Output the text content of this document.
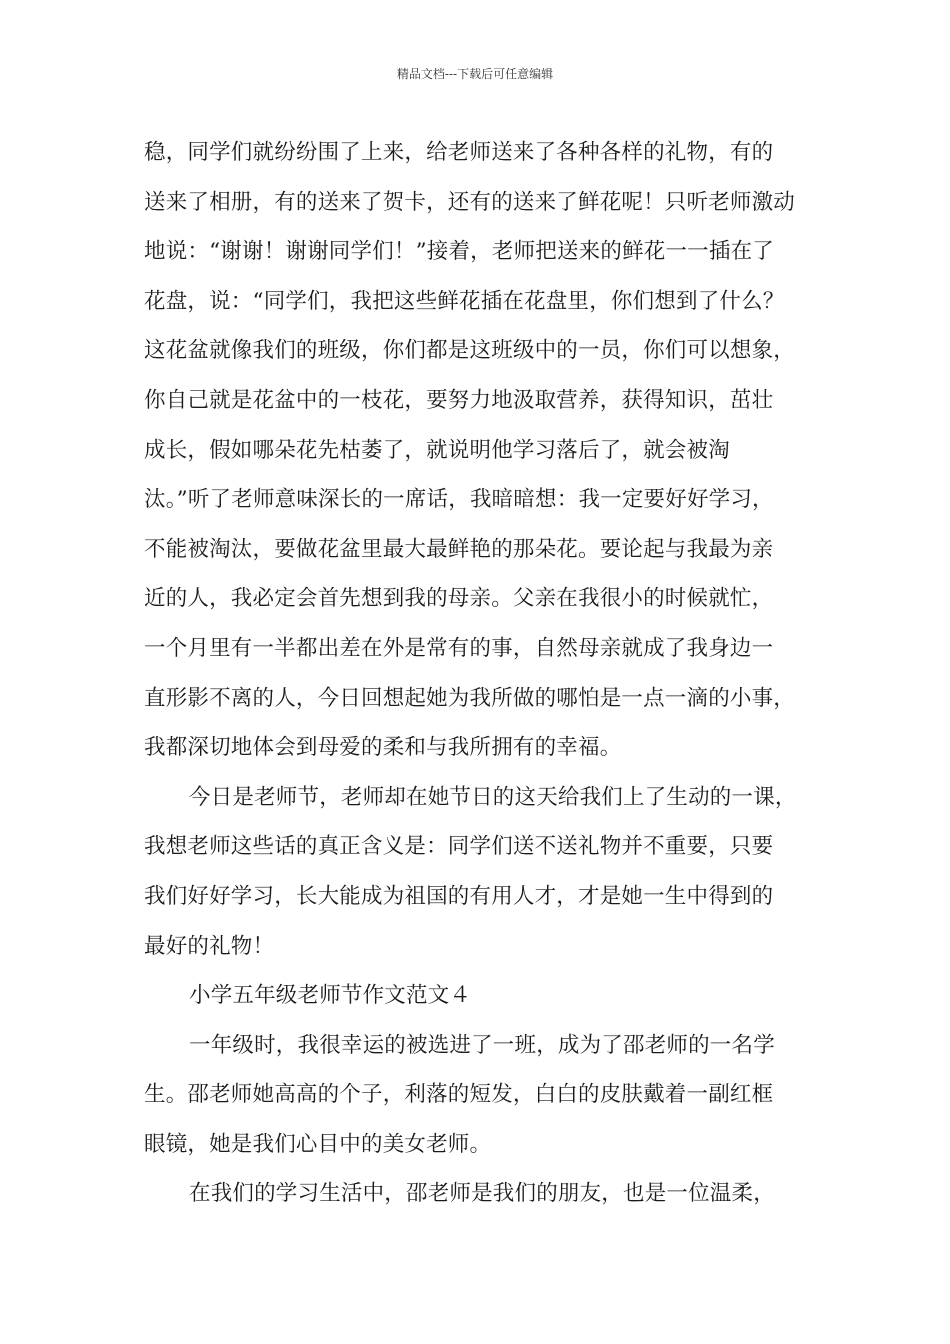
精品文档---下载后可任意编辑
稳，同学们就纷纷围了上来，给老师送来了各种各样的礼物，有的
送来了相册，有的送来了贺卡，还有的送来了鲜花呢！只听老师激动
地说：“谢谢！谢谢同学们！”接着，老师把送来的鲜花一一插在了
花盘，说：“同学们，我把这些鲜花插在花盘里，你们想到了什么？
这花盆就像我们的班级，你们都是这班级中的一员，你们可以想象，
你自己就是花盆中的一枝花，要努力地汲取营养，获得知识，茁壮
成长，假如哪朵花先枯萎了，就说明他学习落后了，就会被淘
汰。”听了老师意味深长的一席话，我暗暗想：我一定要好好学习，
不能被淘汰，要做花盆里最大最鲜艳的那朵花。要论起与我最为亲
近的人，我必定会首先想到我的母亲。父亲在我很小的时候就忙，
一个月里有一半都出差在外是常有的事，自然母亲就成了我身边一
直形影不离的人，今日回想起她为我所做的哪怕是一点一滴的小事，
我都深切地体会到母爱的柔和与我所拥有的幸福。
今日是老师节，老师却在她节日的这天给我们上了生动的一课，
我想老师这些话的真正含义是：同学们送不送礼物并不重要，只要
我们好好学习，长大能成为祖国的有用人才，才是她一生中得到的
最好的礼物！
小学五年级老师节作文范文４
一年级时，我很幸运的被选进了一班，成为了邵老师的一名学
生。邵老师她高高的个子，利落的短发，白白的皮肤戴着一副红框
眼镜，她是我们心目中的美女老师。
在我们的学习生活中，邵老师是我们的朋友，也是一位温柔，
